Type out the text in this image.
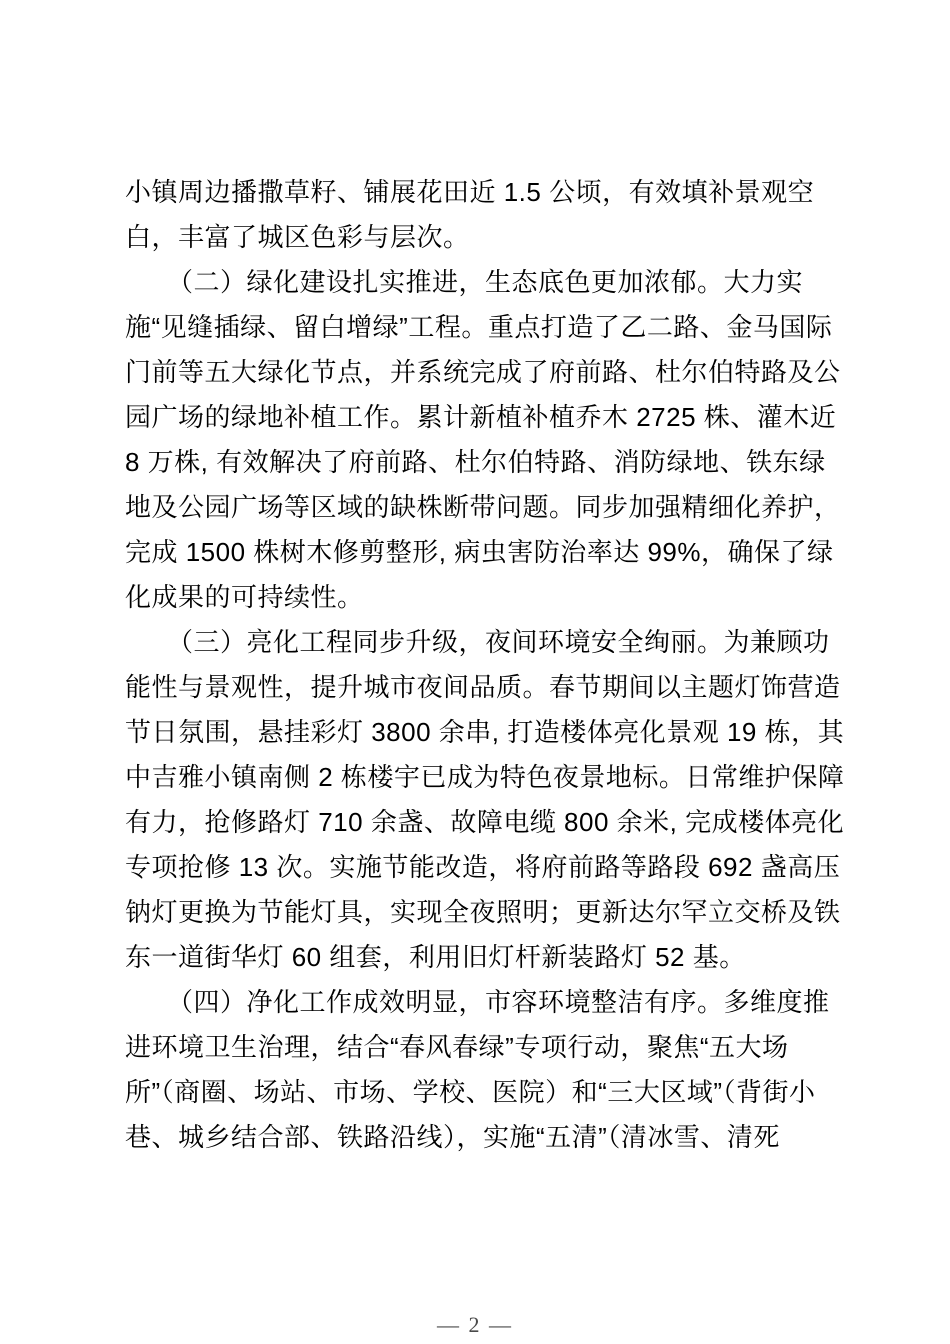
小镇周边播撒草籽、铺展花田近 1.5 公顷，有效填补景观空
白，丰富了城区色彩与层次。
（二）绿化建设扎实推进，生态底色更加浓郁。大力实
施“见缝插绿、留白增绿”工程。重点打造了乙二路、金马国际
门前等五大绿化节点，并系统完成了府前路、杜尔伯特路及公
园广场的绿地补植工作。累计新植补植乔木 2725 株、灌木近
8 万株, 有效解决了府前路、杜尔伯特路、消防绿地、铁东绿
地及公园广场等区域的缺株断带问题。同步加强精细化养护，
完成 1500 株树木修剪整形, 病虫害防治率达 99%，确保了绿
化成果的可持续性。
（三）亮化工程同步升级，夜间环境安全绚丽。为兼顾功
能性与景观性，提升城市夜间品质。春节期间以主题灯饰营造
节日氛围，悬挂彩灯 3800 余串, 打造楼体亮化景观 19 栋，其
中吉雅小镇南侧 2 栋楼宇已成为特色夜景地标。日常维护保障
有力，抢修路灯 710 余盏、故障电缆 800 余米, 完成楼体亮化
专项抢修 13 次。实施节能改造，将府前路等路段 692 盏高压
钠灯更换为节能灯具，实现全夜照明；更新达尔罕立交桥及铁
东一道街华灯 60 组套，利用旧灯杆新装路灯 52 基。
（四）净化工作成效明显，市容环境整洁有序。多维度推
进环境卫生治理，结合“春风春绿”专项行动，聚焦“五大场
所”（商圈、场站、市场、学校、医院）和“三大区域”（背街小
巷、城乡结合部、铁路沿线），实施“五清”（清冰雪、清死
— 2 —
